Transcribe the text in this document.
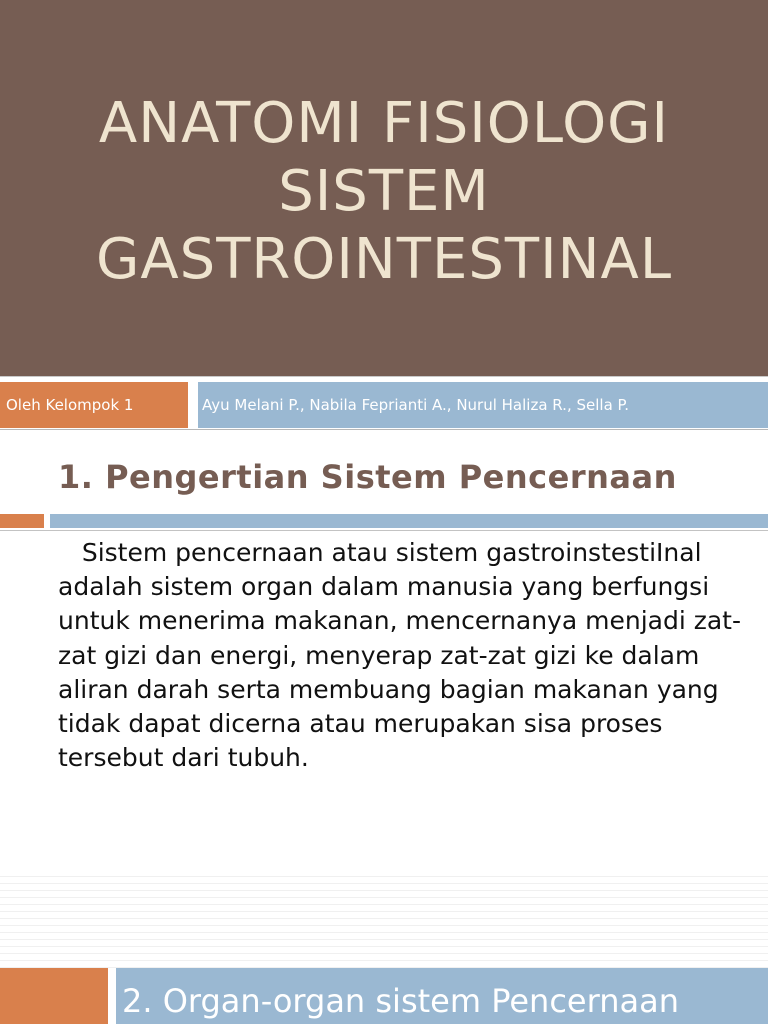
ANATOMI FISIOLOGI SISTEM GASTROINTESTINAL
Oleh Kelompok 1	Ayu Melani P., Nabila Feprianti A., Nurul Haliza R., Sella P.
1. Pengertian Sistem Pencernaan
Sistem pencernaan atau sistem gastroinstestiInal adalah sistem organ dalam manusia yang berfungsi untuk menerima makanan, mencernanya menjadi zat-zat gizi dan energi, menyerap zat-zat gizi ke dalam aliran darah serta membuang bagian makanan yang tidak dapat dicerna atau merupakan sisa proses tersebut dari tubuh.
2. Organ-organ sistem Pencernaan
